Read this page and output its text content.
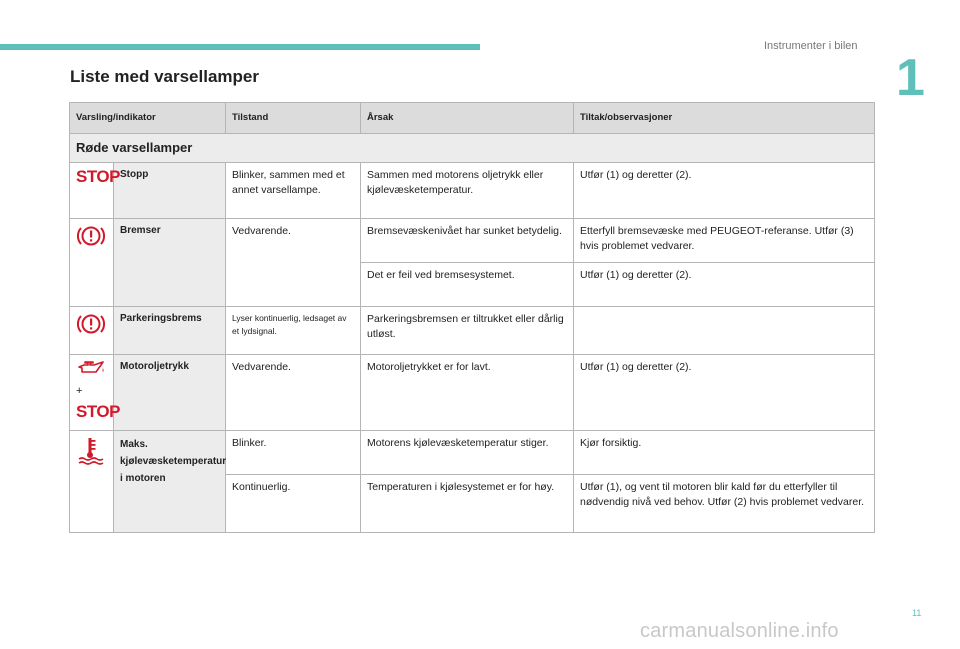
Instrumenter i bilen
1
Liste med varsellamper
Varsling/indikator		Tilstand	Årsak	Tiltak/observasjoner
Røde varsellamper				
STOP	Stopp	Blinker, sammen med et annet varsellampe.	Sammen med motorens oljetrykk eller kjølevæsketemperatur.	Utfør (1) og deretter (2).
	Bremser	Vedvarende.	Bremsevæskenivået har sunket betydelig.	Etterfyll bremsevæske med PEUGEOT-referanse. Utfør (3) hvis problemet vedvarer.
			Det er feil ved bremsesystemet.	Utfør (1) og deretter (2).
	Parkeringsbrems	Lyser kontinuerlig, ledsaget av et lydsignal.	Parkeringsbremsen er tiltrukket eller dårlig utløst.	

+
STOP	Motoroljetrykk	Vedvarende.	Motoroljetrykket er for lavt.	Utfør (1) og deretter (2).
	Maks. kjølevæsketemperatur i motoren	Blinker.	Motorens kjølevæsketemperatur stiger.	Kjør forsiktig.
		Kontinuerlig.	Temperaturen i kjølesystemet er for høy.	Utfør (1), og vent til motoren blir kald før du etterfyller til nødvendig nivå ved behov. Utfør (2) hvis problemet vedvarer.
11
carmanualsonline.info
